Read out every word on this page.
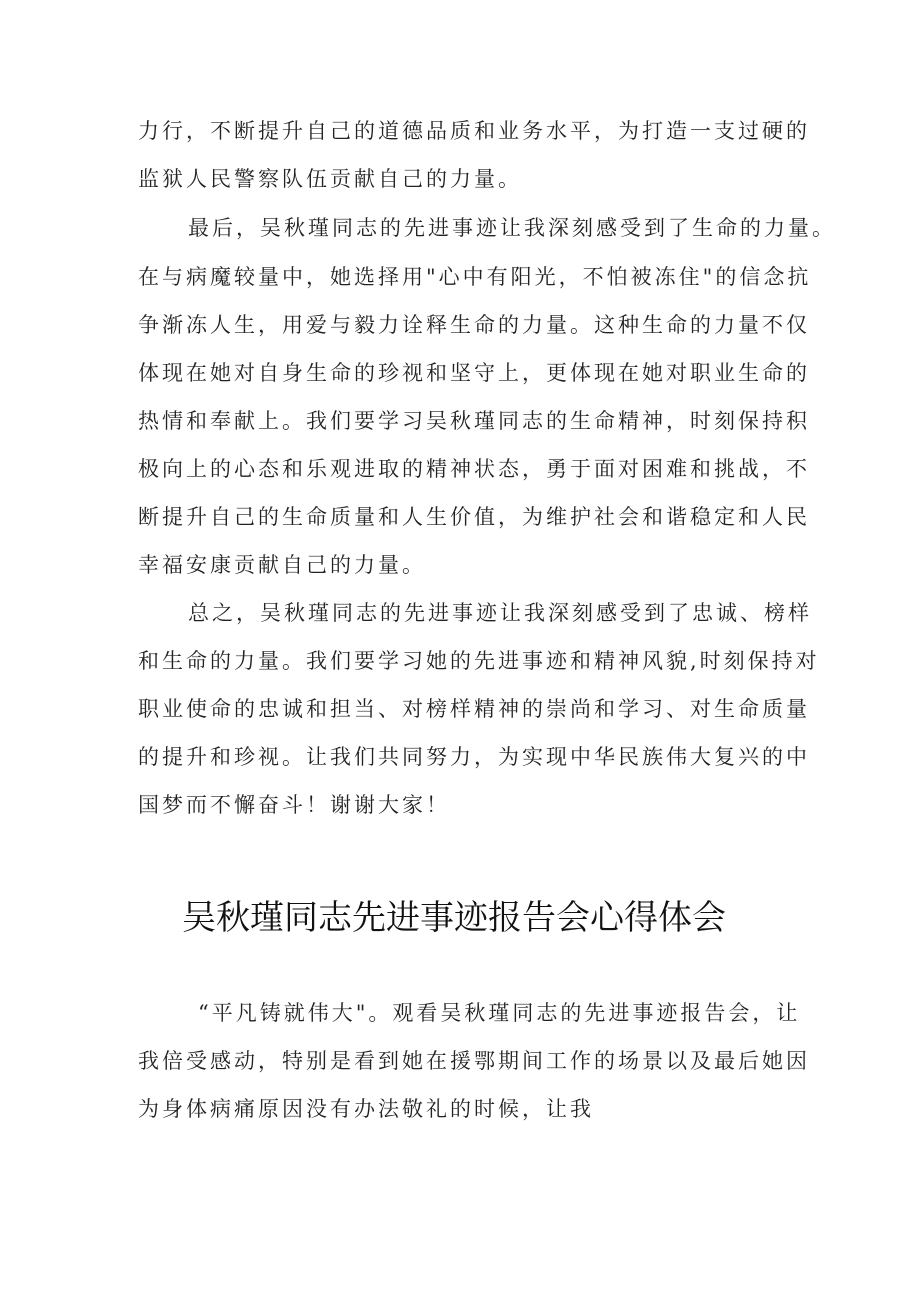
力行，不断提升自己的道德品质和业务水平，为打造一支过硬的
监狱人民警察队伍贡献自己的力量。
　最后，吴秋瑾同志的先进事迹让我深刻感受到了生命的力量。
在与病魔较量中，她选择用"心中有阳光，不怕被冻住"的信念抗
争渐冻人生，用爱与毅力诠释生命的力量。这种生命的力量不仅
体现在她对自身生命的珍视和坚守上，更体现在她对职业生命的
热情和奉献上。我们要学习吴秋瑾同志的生命精神，时刻保持积
极向上的心态和乐观进取的精神状态，勇于面对困难和挑战，不
断提升自己的生命质量和人生价值，为维护社会和谐稳定和人民
幸福安康贡献自己的力量。
　总之，吴秋瑾同志的先进事迹让我深刻感受到了忠诚、榜样
和生命的力量。我们要学习她的先进事迹和精神风貌,时刻保持对
职业使命的忠诚和担当、对榜样精神的崇尚和学习、对生命质量
的提升和珍视。让我们共同努力，为实现中华民族伟大复兴的中
国梦而不懈奋斗！谢谢大家！
吴秋瑾同志先进事迹报告会心得体会
　“平凡铸就伟大"。观看吴秋瑾同志的先进事迹报告会，让
我倍受感动，特别是看到她在援鄂期间工作的场景以及最后她因
为身体病痛原因没有办法敬礼的时候，让我
